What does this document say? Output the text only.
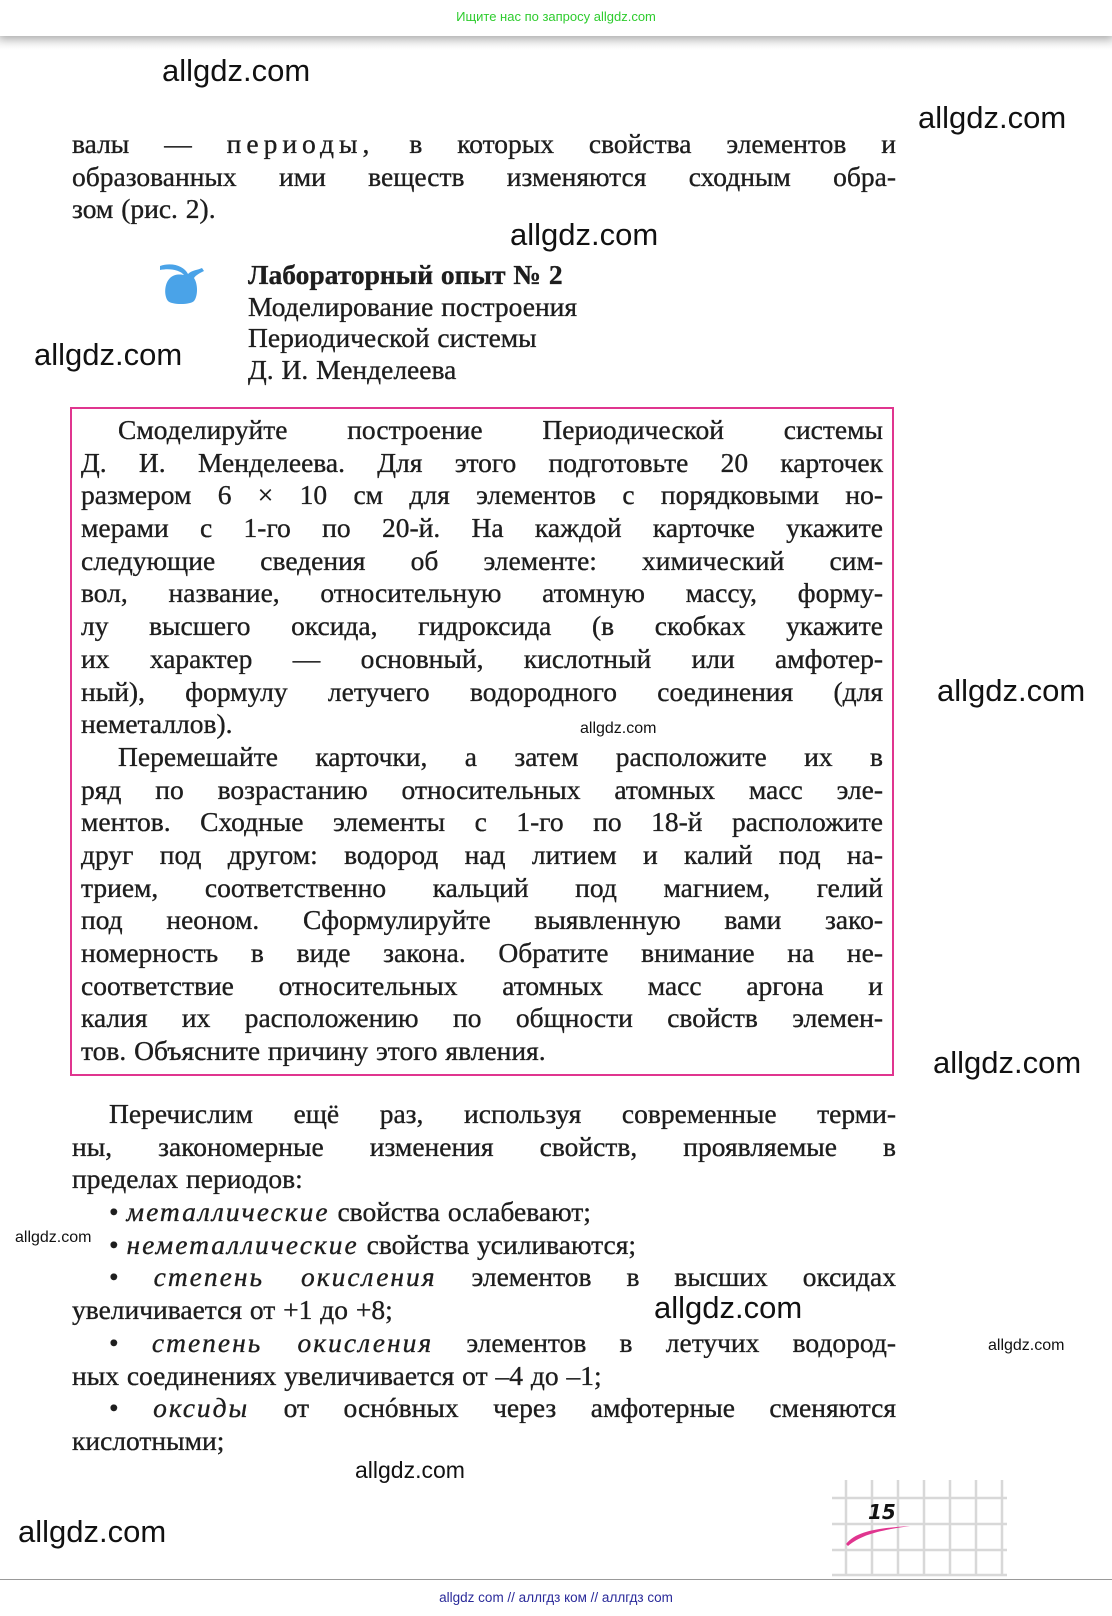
Ищите нас по запросу allgdz.com
allgdz.com
allgdz.com
allgdz.com
allgdz.com
allgdz.com
allgdz.com
allgdz.com
allgdz.com
allgdz.com
allgdz.com
allgdz.com
allgdz.com
валы — периоды, в которых свойства элементов и
образованных ими веществ изменяются сходным обра-
зом (рис. 2).
Лабораторный опыт № 2
Моделирование построения
Периодической системы
Д. И. Менделеева
Смоделируйте построение Периодической системы
Д. И. Менделеева. Для этого подготовьте 20 карточек
размером 6 × 10 см для элементов с порядковыми но-
мерами с 1-го по 20-й. На каждой карточке укажите
следующие сведения об элементе: химический сим-
вол, название, относительную атомную массу, форму-
лу высшего оксида, гидроксида (в скобках укажите
их характер — основный, кислотный или амфотер-
ный), формулу летучего водородного соединения (для
неметаллов).
Перемешайте карточки, а затем расположите их в
ряд по возрастанию относительных атомных масс эле-
ментов. Сходные элементы с 1-го по 18-й расположите
друг под другом: водород над литием и калий под на-
трием, соответственно кальций под магнием, гелий
под неоном. Сформулируйте выявленную вами зако-
номерность в виде закона. Обратите внимание на не-
соответствие относительных атомных масс аргона и
калия их расположению по общности свойств элемен-
тов. Объясните причину этого явления.
Перечислим ещё раз, используя современные терми-
ны, закономерные изменения свойств, проявляемые в
пределах периодов:
• металлические свойства ослабевают;
• неметаллические свойства усиливаются;
• степень окисления элементов в высших оксидах
увеличивается от +1 до +8;
• степень окисления элементов в летучих водород-
ных соединениях увеличивается от –4 до –1;
• оксиды от оснóвных через амфотерные сменяются
кислотными;
15
allgdz com // аллгдз ком // аллгдз com
